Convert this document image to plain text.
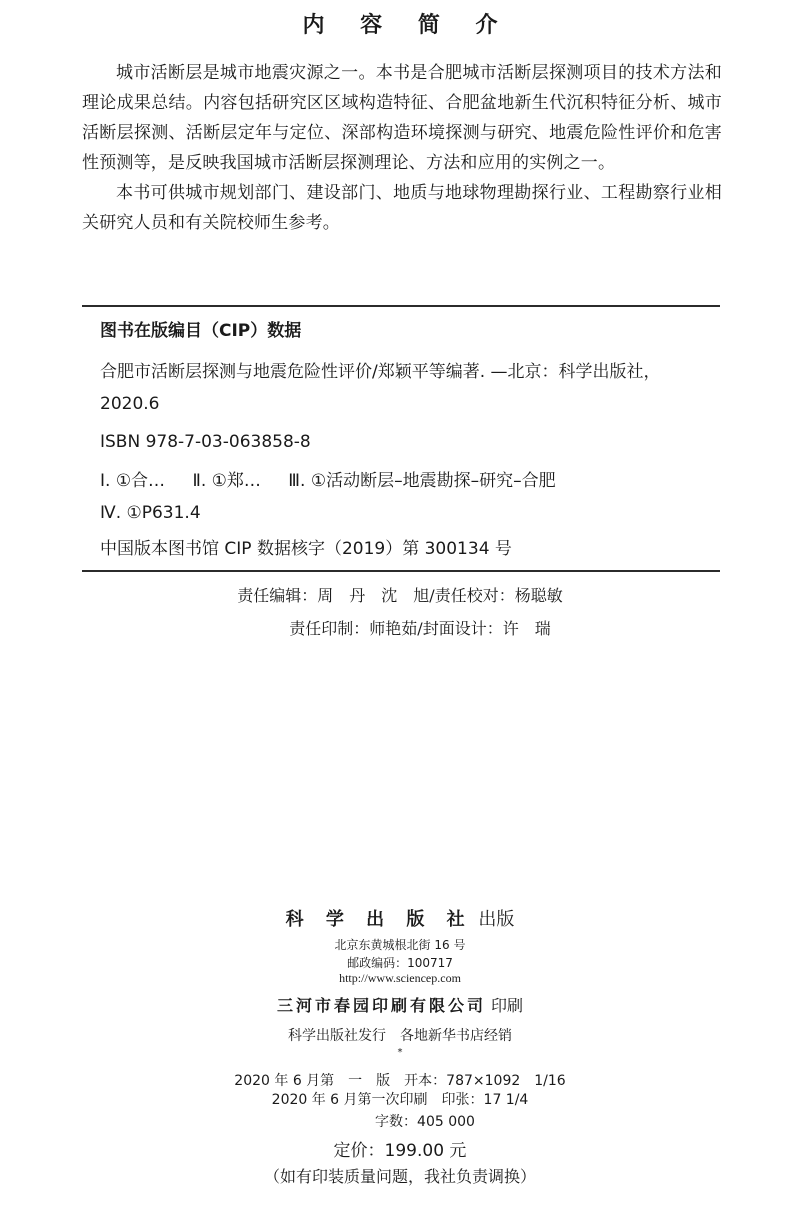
内 容 简 介

城市活断层是城市地震灾源之一。本书是合肥城市活断层探测项目的技术方法和理论成果总结。内容包括研究区区域构造特征、合肥盆地新生代沉积特征分析、城市活断层探测、活断层定年与定位、深部构造环境探测与研究、地震危险性评价和危害性预测等，是反映我国城市活断层探测理论、方法和应用的实例之一。

本书可供城市规划部门、建设部门、地质与地球物理勘探行业、工程勘察行业相关研究人员和有关院校师生参考。

图书在版编目（CIP）数据
合肥市活断层探测与地震危险性评价/郑颖平等编著. —北京：科学出版社，2020.6
ISBN 978-7-03-063858-8
Ⅰ. ①合… Ⅱ. ①郑… Ⅲ. ①活动断层–地震勘探–研究–合肥
Ⅳ. ①P631.4
中国版本图书馆 CIP 数据核字（2019）第 300134 号
责任编辑：周　丹　沈　旭/责任校对：杨聪敏
责任印制：师艳茹/封面设计：许　瑞
科 学 出 版 社 出版
北京东黄城根北街 16 号
邮政编码：100717
http://www.sciencep.com
三河市春园印刷有限公司 印刷
科学出版社发行　各地新华书店经销
*
2020 年 6 月第　一　版　开本：787×1092　1/16
2020 年 6 月第一次印刷　印张：17 1/4
字数：405 000
定价：199.00 元
（如有印装质量问题，我社负责调换）
